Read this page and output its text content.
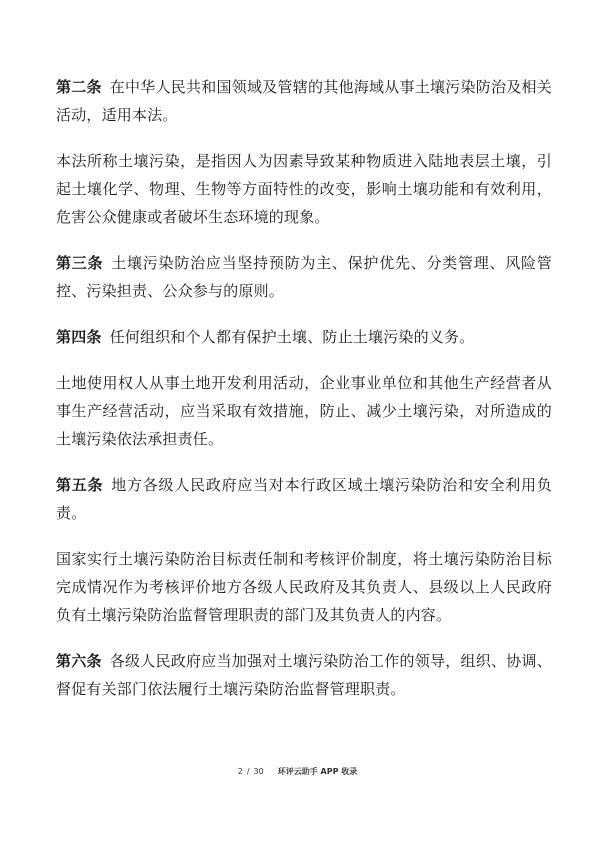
第二条 在中华人民共和国领域及管辖的其他海域从事土壤污染防治及相关活动，适用本法。

本法所称土壤污染，是指因人为因素导致某种物质进入陆地表层土壤，引起土壤化学、物理、生物等方面特性的改变，影响土壤功能和有效利用，危害公众健康或者破坏生态环境的现象。

第三条 土壤污染防治应当坚持预防为主、保护优先、分类管理、风险管控、污染担责、公众参与的原则。

第四条 任何组织和个人都有保护土壤、防止土壤污染的义务。

土地使用权人从事土地开发利用活动，企业事业单位和其他生产经营者从事生产经营活动，应当采取有效措施，防止、减少土壤污染，对所造成的土壤污染依法承担责任。

第五条 地方各级人民政府应当对本行政区域土壤污染防治和安全利用负责。

国家实行土壤污染防治目标责任制和考核评价制度，将土壤污染防治目标完成情况作为考核评价地方各级人民政府及其负责人、县级以上人民政府负有土壤污染防治监督管理职责的部门及其负责人的内容。

第六条 各级人民政府应当加强对土壤污染防治工作的领导，组织、协调、督促有关部门依法履行土壤污染防治监督管理职责。

2 / 30 环评云助手 APP 收录
